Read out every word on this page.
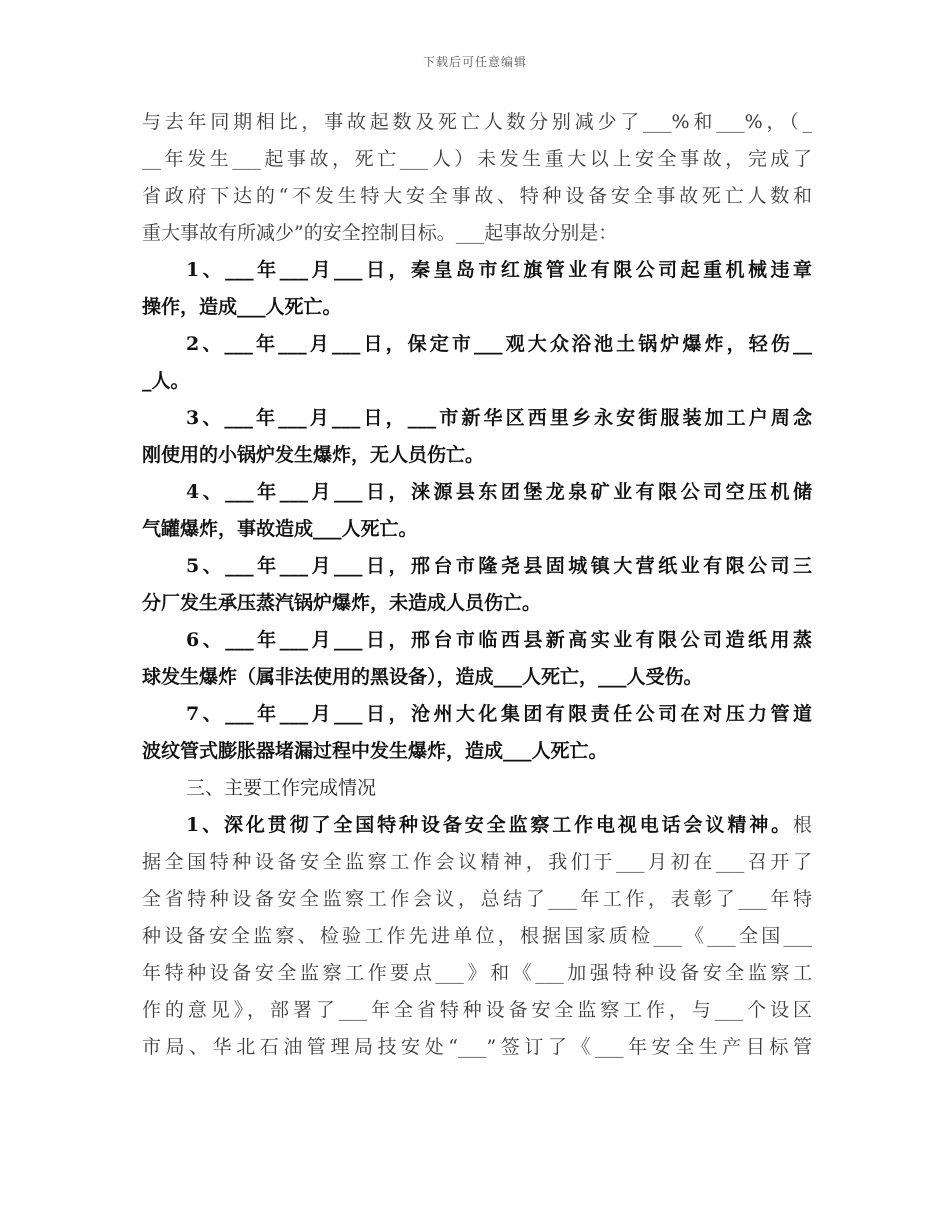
下载后可任意编辑
与去年同期相比，事故起数及死亡人数分别减少了___%和___%，（_
__年发生___起事故，死亡___人）未发生重大以上安全事故，完成了
省政府下达的“不发生特大安全事故、特种设备安全事故死亡人数和
重大事故有所减少”的安全控制目标。___起事故分别是：
1、___年___月___日，秦皇岛市红旗管业有限公司起重机械违章
操作，造成___人死亡。
2、___年___月___日，保定市___观大众浴池土锅炉爆炸，轻伤__
_人。
3、___年___月___日，___市新华区西里乡永安街服装加工户周念
刚使用的小锅炉发生爆炸，无人员伤亡。
4、___年___月___日，涞源县东团堡龙泉矿业有限公司空压机储
气罐爆炸，事故造成___人死亡。
5、___年___月___日，邢台市隆尧县固城镇大营纸业有限公司三
分厂发生承压蒸汽锅炉爆炸，未造成人员伤亡。
6、___年___月___日，邢台市临西县新高实业有限公司造纸用蒸
球发生爆炸（属非法使用的黑设备），造成___人死亡，___人受伤。
7、___年___月___日，沧州大化集团有限责任公司在对压力管道
波纹管式膨胀器堵漏过程中发生爆炸，造成___人死亡。
三、主要工作完成情况
1、深化贯彻了全国特种设备安全监察工作电视电话会议精神。根
据全国特种设备安全监察工作会议精神，我们于___月初在___召开了
全省特种设备安全监察工作会议，总结了___年工作，表彰了___年特
种设备安全监察、检验工作先进单位，根据国家质检___《___全国___
年特种设备安全监察工作要点___》和《___加强特种设备安全监察工
作的意见》，部署了___年全省特种设备安全监察工作，与___个设区
市局、华北石油管理局技安处“___”签订了《___年安全生产目标管
